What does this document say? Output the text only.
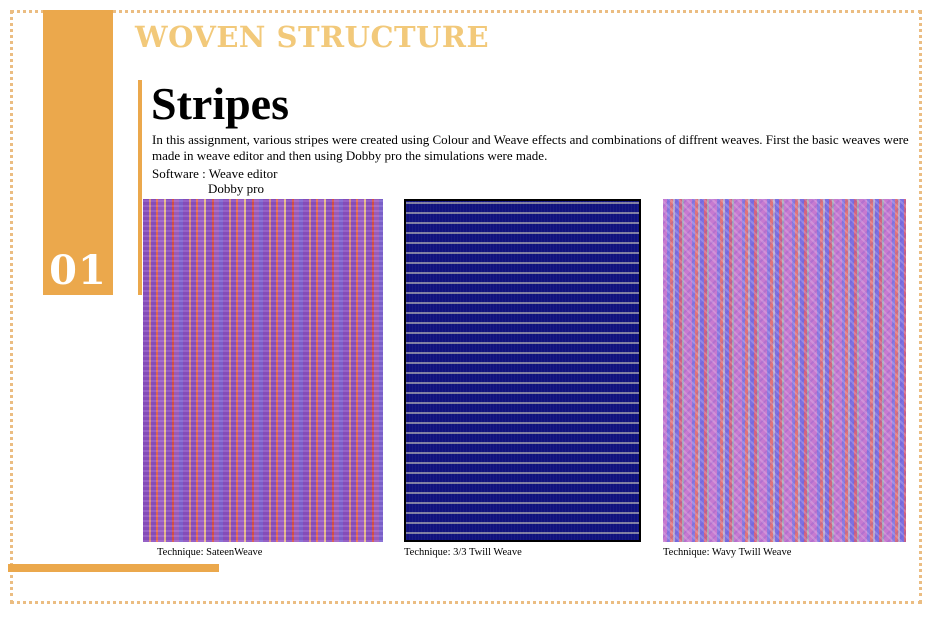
01
WOVEN STRUCTURE
Stripes
In this assignment, various stripes were created using Colour and Weave effects and combinations of diffrent weaves. First the basic weaves were made in weave editor and then using Dobby pro the simulations were made.
Software : Weave editor
Dobby pro
Technique: SateenWeave	Technique: 3/3 Twill Weave	Technique: Wavy Twill Weave
